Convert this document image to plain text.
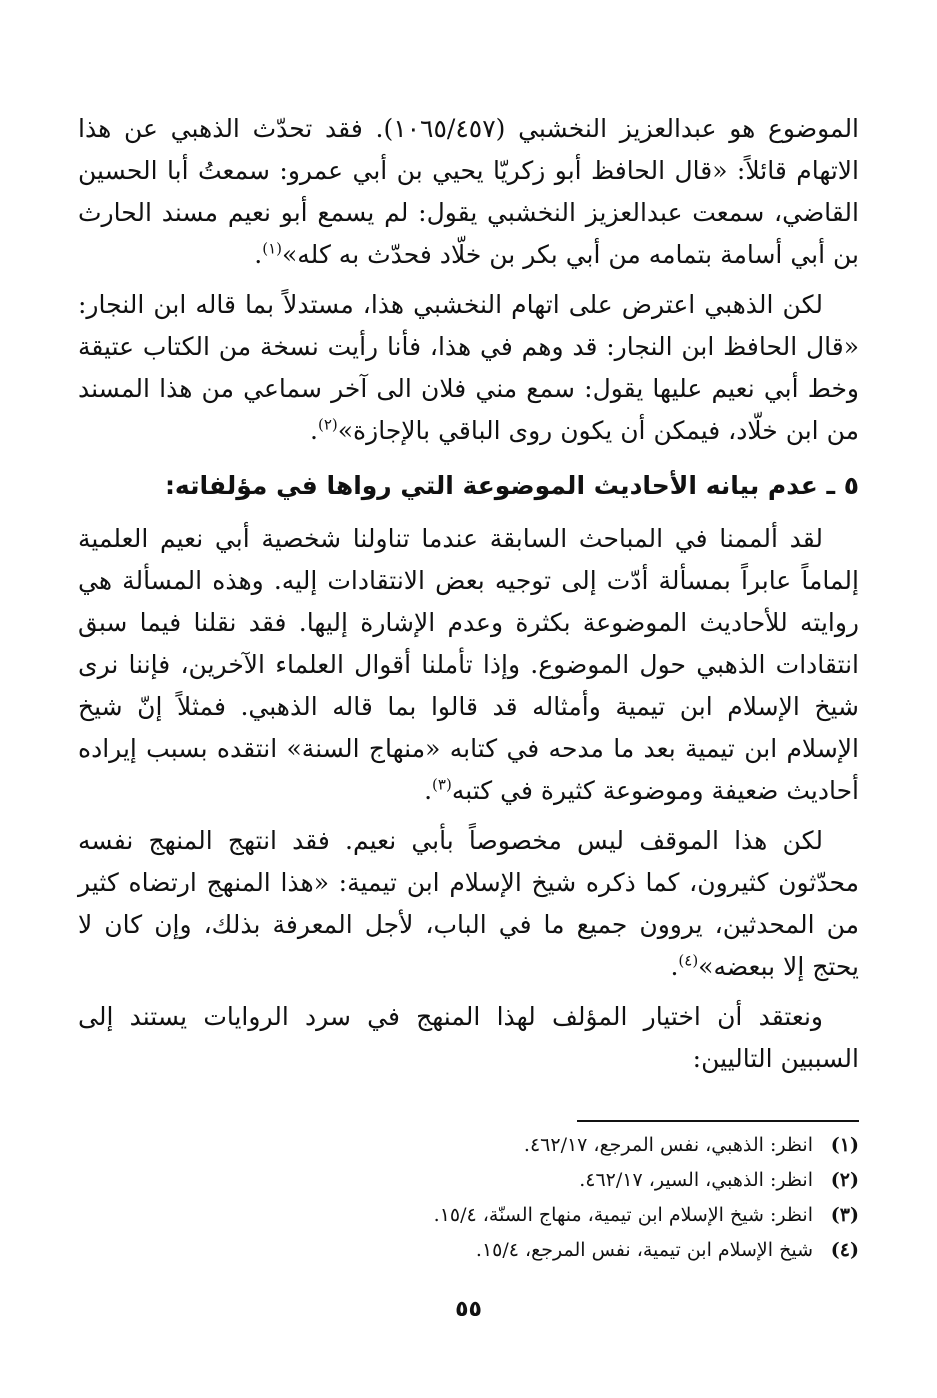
الموضوع هو عبدالعزيز النخشبي (١٠٦٥/٤٥٧). فقد تحدّث الذهبي عن هذا الاتهام قائلاً: «قال الحافظ أبو زكريّا يحيي بن أبي عمرو: سمعتُ أبا الحسين القاضي، سمعت عبدالعزيز النخشبي يقول: لم يسمع أبو نعيم مسند الحارث بن أبي أسامة بتمامه من أبي بكر بن خلّاد فحدّث به كله»$^{(١)}$.

لكن الذهبي اعترض على اتهام النخشبي هذا، مستدلاً بما قاله ابن النجار: «قال الحافظ ابن النجار: قد وهم في هذا، فأنا رأيت نسخة من الكتاب عتيقة وخط أبي نعيم عليها يقول: سمع مني فلان الى آخر سماعي من هذا المسند من ابن خلّاد، فيمكن أن يكون روى الباقي بالإجازة»$^{(٢)}$.

٥ ـ عدم بيانه الأحاديث الموضوعة التي رواها في مؤلفاته:

لقد ألممنا في المباحث السابقة عندما تناولنا شخصية أبي نعيم العلمية إلماماً عابراً بمسألة أدّت إلى توجيه بعض الانتقادات إليه. وهذه المسألة هي روايته للأحاديث الموضوعة بكثرة وعدم الإشارة إليها. فقد نقلنا فيما سبق انتقادات الذهبي حول الموضوع. وإذا تأملنا أقوال العلماء الآخرين، فإننا نرى شيخ الإسلام ابن تيمية وأمثاله قد قالوا بما قاله الذهبي. فمثلاً إنّ شيخ الإسلام ابن تيمية بعد ما مدحه في كتابه «منهاج السنة» انتقده بسبب إيراده أحاديث ضعيفة وموضوعة كثيرة في كتبه$^{(٣)}$.

لكن هذا الموقف ليس مخصوصاً بأبي نعيم. فقد انتهج المنهج نفسه محدّثون كثيرون، كما ذكره شيخ الإسلام ابن تيمية: «هذا المنهج ارتضاه كثير من المحدثين، يروون جميع ما في الباب، لأجل المعرفة بذلك، وإن كان لا يحتج إلا ببعضه»$^{(٤)}$.

ونعتقد أن اختيار المؤلف لهذا المنهج في سرد الروايات يستند إلى السببين التاليين:

(١)
انظر: الذهبي، نفس المرجع، ٤٦٢/١٧.
(٢)
انظر: الذهبي، السير، ٤٦٢/١٧.
(٣)
انظر: شيخ الإسلام ابن تيمية، منهاج السنّة، ١٥/٤.
(٤)
شيخ الإسلام ابن تيمية، نفس المرجع، ١٥/٤.
٥٥
